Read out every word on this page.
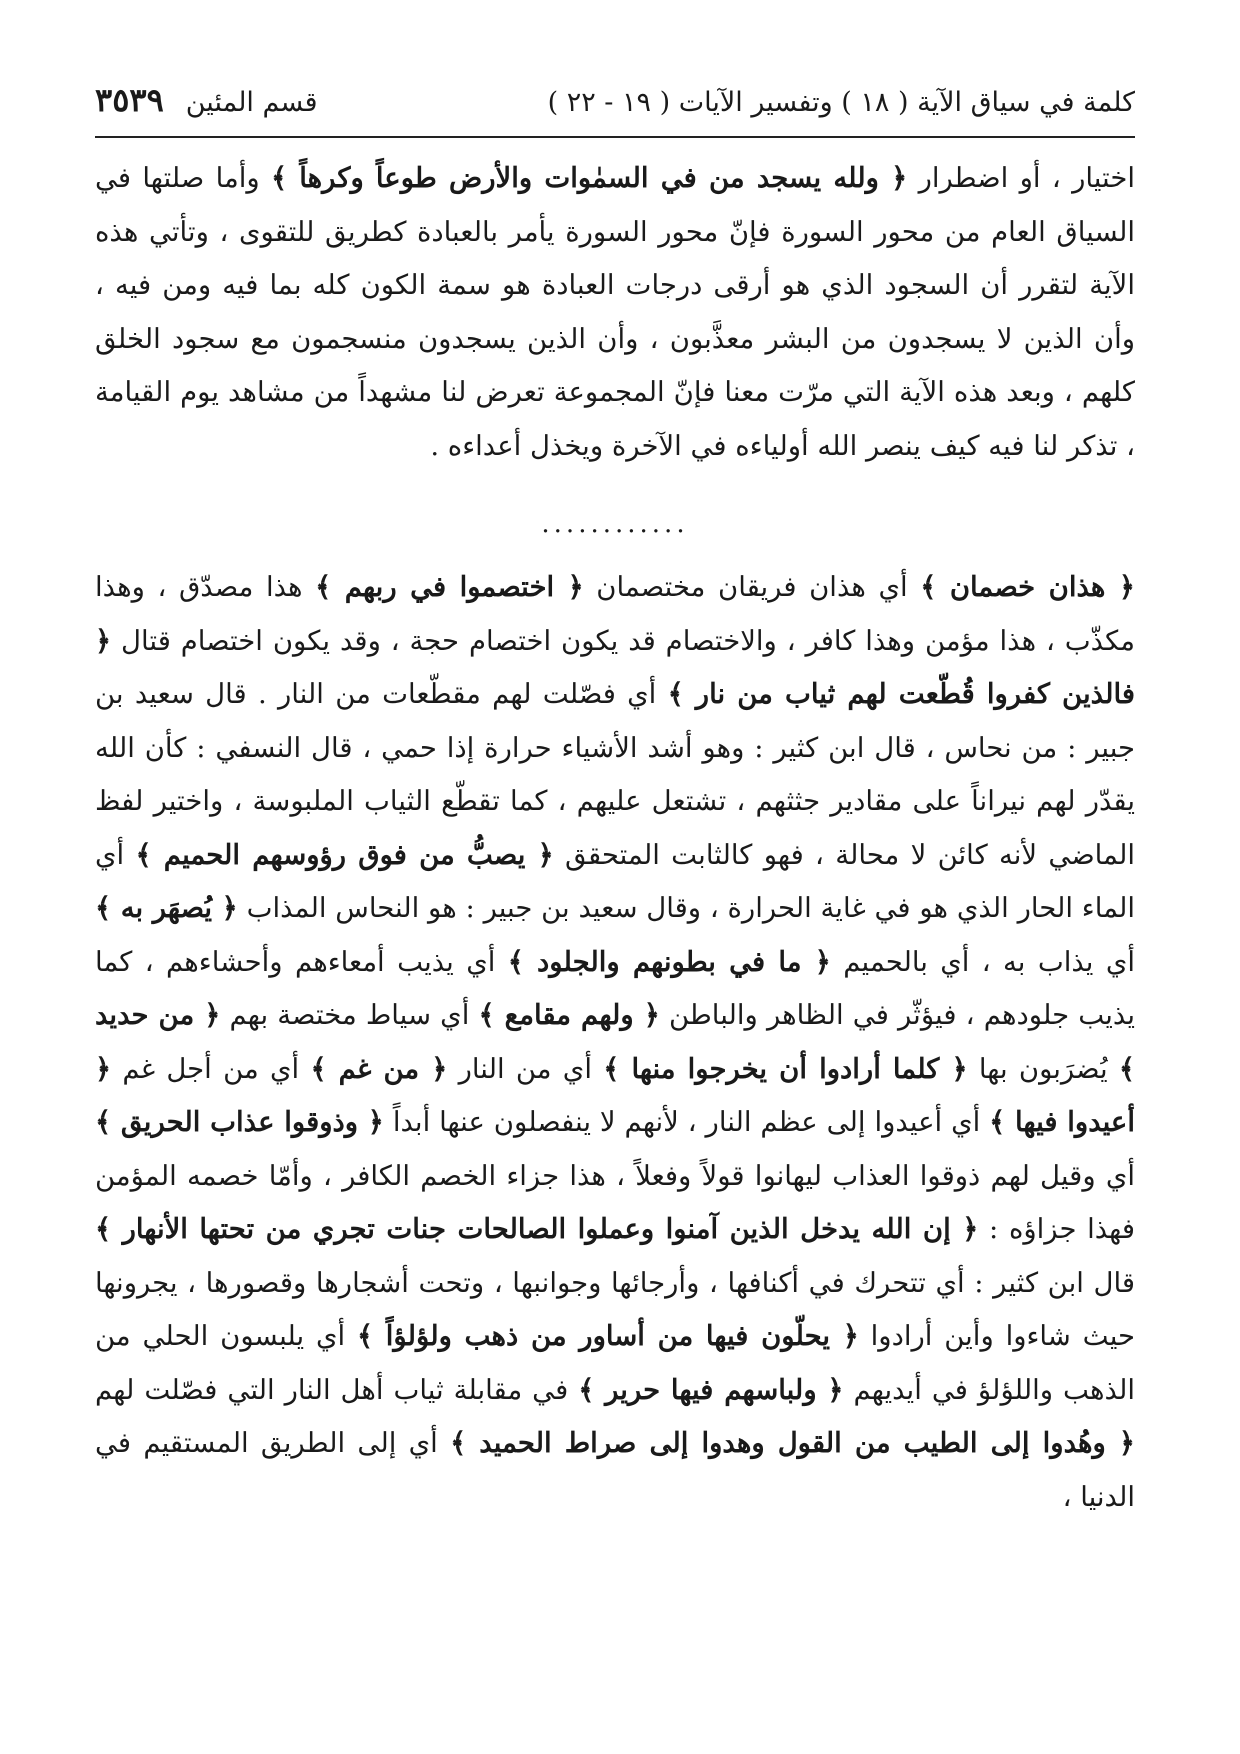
كلمة في سياق الآية ( ١٨ ) وتفسير الآيات ( ١٩ - ٢٢ )
قسم المئين
٣٥٣٩

اختيار ، أو اضطرار ﴿ ولله يسجد من في السمٰوات والأرض طوعاً وكرهاً ﴾ وأما صلتها في السياق العام من محور السورة فإنّ محور السورة يأمر بالعبادة كطريق للتقوى ، وتأتي هذه الآية لتقرر أن السجود الذي هو أرقى درجات العبادة هو سمة الكون كله بما فيه ومن فيه ، وأن الذين لا يسجدون من البشر معذَّبون ، وأن الذين يسجدون منسجمون مع سجود الخلق كلهم ، وبعد هذه الآية التي مرّت معنا فإنّ المجموعة تعرض لنا مشهداً من مشاهد يوم القيامة ، تذكر لنا فيه كيف ينصر الله أولياءه في الآخرة ويخذل أعداءه .

............

﴿ هذان خصمان ﴾ أي هذان فريقان مختصمان ﴿ اختصموا في ربهم ﴾ هذا مصدّق ، وهذا مكذّب ، هذا مؤمن وهذا كافر ، والاختصام قد يكون اختصام حجة ، وقد يكون اختصام قتال ﴿ فالذين كفروا قُطّعت لهم ثياب من نار ﴾ أي فصّلت لهم مقطّعات من النار . قال سعيد بن جبير : من نحاس ، قال ابن كثير : وهو أشد الأشياء حرارة إذا حمي ، قال النسفي : كأن الله يقدّر لهم نيراناً على مقادير جثثهم ، تشتعل عليهم ، كما تقطّع الثياب الملبوسة ، واختير لفظ الماضي لأنه كائن لا محالة ، فهو كالثابت المتحقق ﴿ يصبُّ من فوق رؤوسهم الحميم ﴾ أي الماء الحار الذي هو في غاية الحرارة ، وقال سعيد بن جبير : هو النحاس المذاب ﴿ يُصهَر به ﴾ أي يذاب به ، أي بالحميم ﴿ ما في بطونهم والجلود ﴾ أي يذيب أمعاءهم وأحشاءهم ، كما يذيب جلودهم ، فيؤثّر في الظاهر والباطن ﴿ ولهم مقامع ﴾ أي سياط مختصة بهم ﴿ من حديد ﴾ يُضرَبون بها ﴿ كلما أرادوا أن يخرجوا منها ﴾ أي من النار ﴿ من غم ﴾ أي من أجل غم ﴿ أعيدوا فيها ﴾ أي أعيدوا إلى عظم النار ، لأنهم لا ينفصلون عنها أبداً ﴿ وذوقوا عذاب الحريق ﴾ أي وقيل لهم ذوقوا العذاب ليهانوا قولاً وفعلاً ، هذا جزاء الخصم الكافر ، وأمّا خصمه المؤمن فهذا جزاؤه : ﴿ إن الله يدخل الذين آمنوا وعملوا الصالحات جنات تجري من تحتها الأنهار ﴾ قال ابن كثير : أي تتحرك في أكنافها ، وأرجائها وجوانبها ، وتحت أشجارها وقصورها ، يجرونها حيث شاءوا وأين أرادوا ﴿ يحلّون فيها من أساور من ذهب ولؤلؤاً ﴾ أي يلبسون الحلي من الذهب واللؤلؤ في أيديهم ﴿ ولباسهم فيها حرير ﴾ في مقابلة ثياب أهل النار التي فصّلت لهم ﴿ وهُدوا إلى الطيب من القول وهدوا إلى صراط الحميد ﴾ أي إلى الطريق المستقيم في الدنيا ،
